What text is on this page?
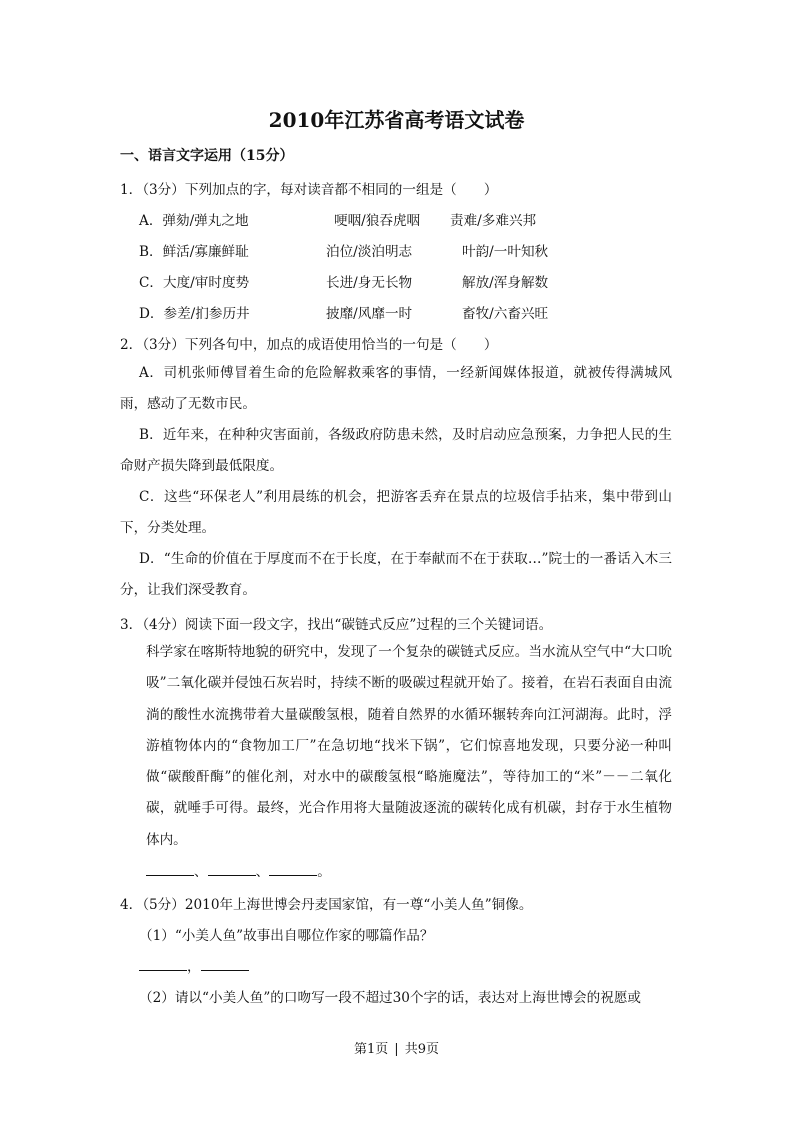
2010年江苏省高考语文试卷
一、语言文字运用（15分）
1．（3分）下列加点的字，每对读音都不相同的一组是（　　）
A．弹劾/弹丸之地	哽咽/狼吞虎咽 责难/多难兴邦
B．鲜活/寡廉鲜耻	泊位/淡泊明志	叶韵/一叶知秋
C．大度/审时度势	长进/身无长物	解放/浑身解数
D．参差/扪参历井	披靡/风靡一时	畜牧/六畜兴旺
2．（3分）下列各句中，加点的成语使用恰当的一句是（　　）
A．司机张师傅冒着生命的危险解救乘客的事情，一经新闻媒体报道，就被传得满城风雨，感动了无数市民。
B．近年来，在种种灾害面前，各级政府防患未然，及时启动应急预案，力争把人民的生命财产损失降到最低限度。
C．这些“环保老人”利用晨练的机会，把游客丢弃在景点的垃圾信手拈来，集中带到山下，分类处理。
D．“生命的价值在于厚度而不在于长度，在于奉献而不在于获取…”院士的一番话入木三分，让我们深受教育。
3．（4分）阅读下面一段文字，找出“碳链式反应”过程的三个关键词语。
科学家在喀斯特地貌的研究中，发现了一个复杂的碳链式反应。当水流从空气中“大口吮吸”二氧化碳并侵蚀石灰岩时，持续不断的吸碳过程就开始了。接着，在岩石表面自由流淌的酸性水流携带着大量碳酸氢根，随着自然界的水循环辗转奔向江河湖海。此时，浮游植物体内的“食物加工厂”在急切地“找米下锅”，它们惊喜地发现，只要分泌一种叫做“碳酸酐酶”的催化剂，对水中的碳酸氢根“略施魔法”，等待加工的“米”－－二氧化碳，就唾手可得。最终，光合作用将大量随波逐流的碳转化成有机碳，封存于水生植物体内。
、	、	。
4．（5分）2010年上海世博会丹麦国家馆，有一尊“小美人鱼”铜像。
（1）“小美人鱼”故事出自哪位作家的哪篇作品？
，
（2）请以“小美人鱼”的口吻写一段不超过30个字的话，表达对上海世博会的祝愿或
第1页 | 共9页
